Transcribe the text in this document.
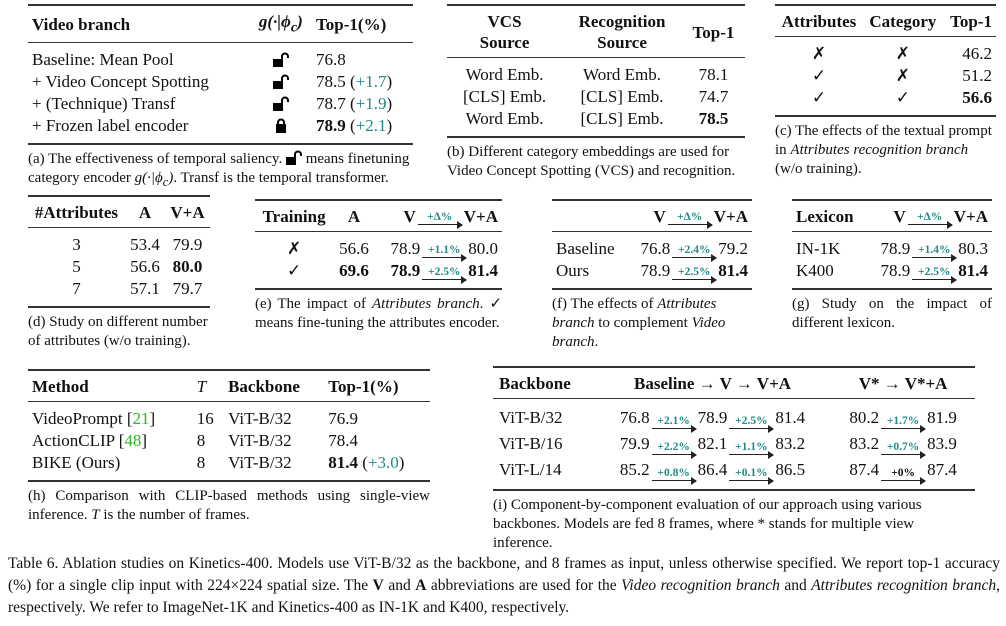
Video branch	$g(\cdot|\phi_c)$	Top-1(%)
Baseline: Mean Pool		76.8
+ Video Concept Spotting		78.5 (+1.7)
+ (Technique) Transf		78.7 (+1.9)
+ Frozen label encoder		78.9 (+2.1)
(a) The effectiveness of temporal saliency.  means finetuning category encoder $g(\cdot|\phi_c)$. Transf is the temporal transformer.
VCS
Source	Recognition
Source	Top-1
Word Emb.	Word Emb.	78.1
[CLS] Emb.	[CLS] Emb.	74.7
Word Emb.	[CLS] Emb.	78.5
(b) Different category embeddings are used for Video Concept Spotting (VCS) and recognition.
Attributes	Category	Top-1
✗	✗	46.2
✓	✗	51.2
✓	✓	56.6
(c) The effects of the textual prompt in Attributes recognition branch (w/o training).
#Attributes	A	V+A
3	53.4	79.9
5	56.6	80.0
7	57.1	79.7
(d) Study on different number of attributes (w/o training).
Training	A	V +Δ% V+A
✗	56.6	78.9 +1.1% 80.0
✓	69.6	78.9 +2.5% 81.4
(e) The impact of Attributes branch. ✓ means fine-tuning the attributes encoder.
	V +Δ% V+A
Baseline	76.8 +2.4% 79.2
Ours	78.9 +2.5% 81.4
(f) The effects of Attributes branch to complement Video branch.
Lexicon	V +Δ% V+A
IN-1K	78.9 +1.4% 80.3
K400	78.9 +2.5% 81.4
(g) Study on the impact of different lexicon.
Method	T	Backbone	Top-1(%)
VideoPrompt [21]	16	ViT-B/32	76.9
ActionCLIP [48]	8	ViT-B/32	78.4
BIKE (Ours)	8	ViT-B/32	81.4 (+3.0)
(h) Comparison with CLIP-based methods using single-view inference. T is the number of frames.
Backbone	Baseline → V → V+A	V* → V*+A
ViT-B/32	76.8 +2.1% 78.9 +2.5% 81.4	80.2 +1.7% 81.9
ViT-B/16	79.9 +2.2% 82.1 +1.1% 83.2	83.2 +0.7% 83.9
ViT-L/14	85.2 +0.8% 86.4 +0.1% 86.5	87.4 +0% 87.4
(i) Component-by-component evaluation of our approach using various backbones. Models are fed 8 frames, where * stands for multiple view inference.
Table 6. Ablation studies on Kinetics-400. Models use ViT-B/32 as the backbone, and 8 frames as input, unless otherwise specified. We report top-1 accuracy (%) for a single clip input with 224×224 spatial size. The V and A abbreviations are used for the Video recognition branch and Attributes recognition branch, respectively. We refer to ImageNet-1K and Kinetics-400 as IN-1K and K400, respectively.
